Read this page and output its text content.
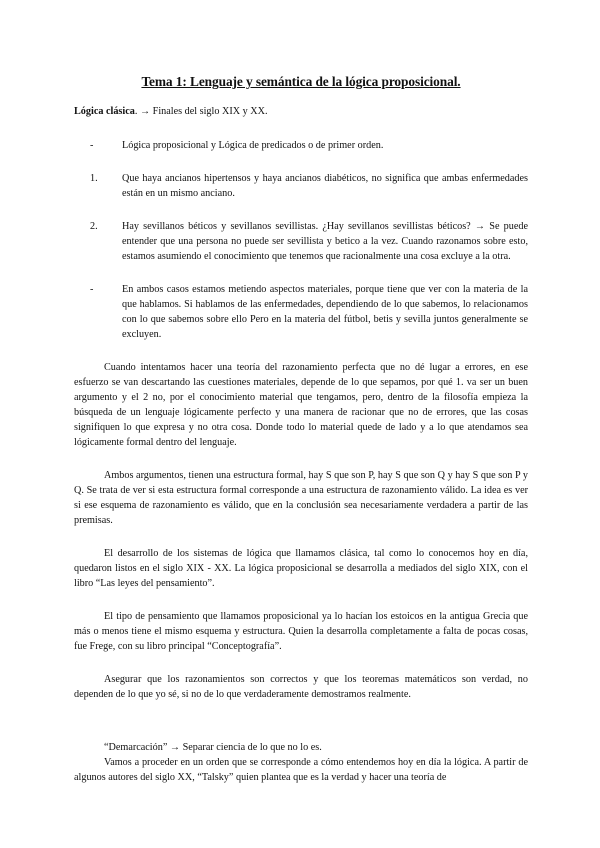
Tema 1: Lenguaje y semántica de la lógica proposicional.
Lógica clásica. → Finales del siglo XIX y XX.
-	Lógica proposicional y Lógica de predicados o de primer orden.
1.	Que haya ancianos hipertensos y haya ancianos diabéticos, no significa que ambas enfermedades están en un mismo anciano.
2.	Hay sevillanos béticos y sevillanos sevillistas. ¿Hay sevillanos sevillistas béticos? → Se puede entender que una persona no puede ser sevillista y betico a la vez. Cuando razonamos sobre esto, estamos asumiendo el conocimiento que tenemos que racionalmente una cosa excluye a la otra.
-	En ambos casos estamos metiendo aspectos materiales, porque tiene que ver con la materia de la que hablamos. Si hablamos de las enfermedades, dependiendo de lo que sabemos, lo relacionamos con lo que sabemos sobre ello Pero en la materia del fútbol, betis y sevilla juntos generalmente se excluyen.

Cuando intentamos hacer una teoría del razonamiento perfecta que no dé lugar a errores, en ese esfuerzo se van descartando las cuestiones materiales, depende de lo que sepamos, por qué 1. va ser un buen argumento y el 2 no, por el conocimiento material que tengamos, pero, dentro de la filosofía empieza la búsqueda de un lenguaje lógicamente perfecto y una manera de racionar que no de errores, que las cosas signifiquen lo que expresa y no otra cosa. Donde todo lo material quede de lado y a lo que atendamos sea lógicamente formal dentro del lenguaje.

Ambos argumentos, tienen una estructura formal, hay S que son P, hay S que son Q y hay S que son P y Q. Se trata de ver si esta estructura formal corresponde a una estructura de razonamiento válido. La idea es ver si ese esquema de razonamiento es válido, que en la conclusión sea necesariamente verdadera a partir de las premisas.

El desarrollo de los sistemas de lógica que llamamos clásica, tal como lo conocemos hoy en día, quedaron listos en el siglo XIX - XX. La lógica proposicional se desarrolla a mediados del siglo XIX, con el libro “Las leyes del pensamiento”.

El tipo de pensamiento que llamamos proposicional ya lo hacían los estoicos en la antigua Grecia que más o menos tiene el mismo esquema y estructura. Quien la desarrolla completamente a falta de pocas cosas, fue Frege, con su libro principal “Conceptografía”.

Asegurar que los razonamientos son correctos y que los teoremas matemáticos son verdad, no dependen de lo que yo sé, si no de lo que verdaderamente demostramos realmente.

“Demarcación” → Separar ciencia de lo que no lo es.

Vamos a proceder en un orden que se corresponde a cómo entendemos hoy en día la lógica. A partir de algunos autores del siglo XX, “Talsky” quien plantea que es la verdad y hacer una teoría de
